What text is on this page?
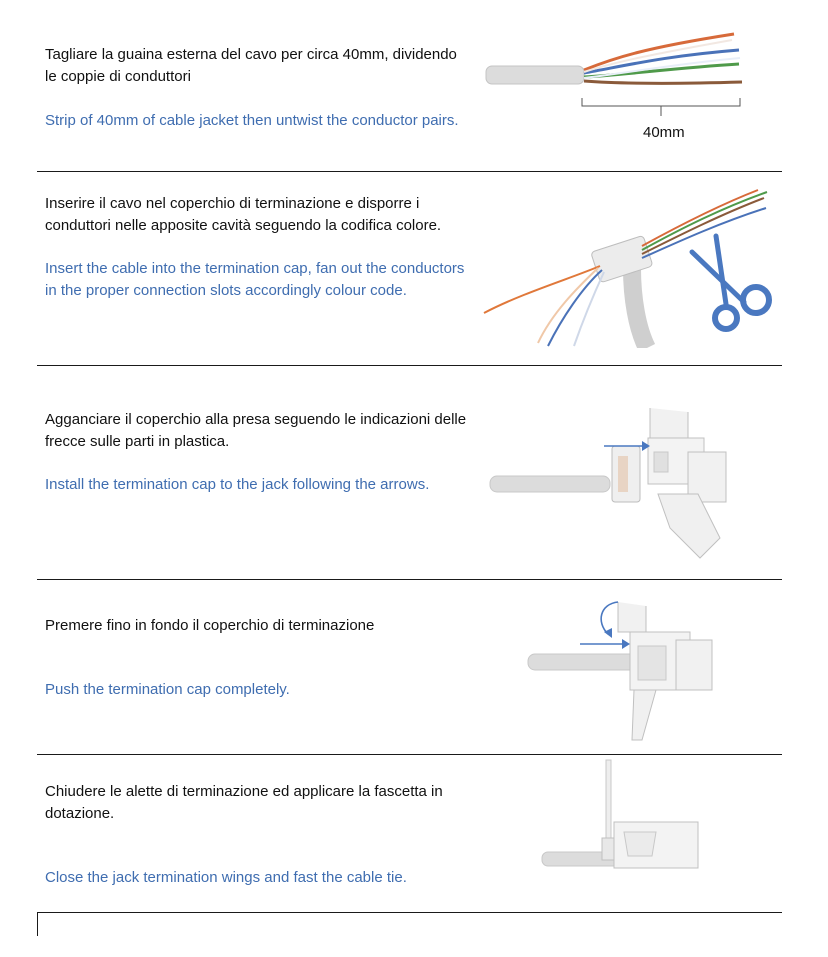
Tagliare la guaina esterna del cavo per circa 40mm, dividendo le coppie di conduttori

Strip of 40mm of cable jacket then untwist the conductor pairs.

40mm

Inserire il cavo nel coperchio di terminazione e disporre i conduttori nelle apposite cavità seguendo la codifica colore.

Insert the cable into the termination cap, fan out the conductors in the proper connection slots accordingly colour code.

Agganciare il coperchio alla presa seguendo le indicazioni delle frecce sulle parti in plastica.

Install the termination cap to the jack following the arrows.

Premere fino in fondo il coperchio di terminazione

Push the termination cap completely.

Chiudere le alette di terminazione ed applicare la fascetta in dotazione.

Close the jack termination wings and fast the cable tie.
